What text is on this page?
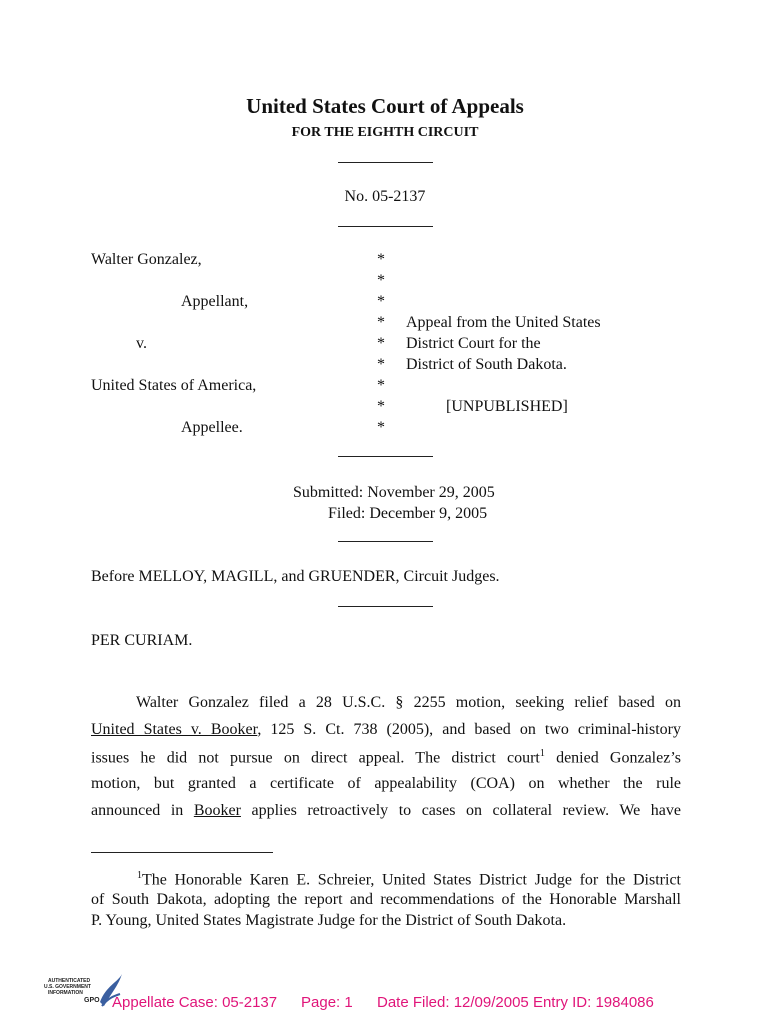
United States Court of Appeals
FOR THE EIGHTH CIRCUIT
No. 05-2137
Walter Gonzalez,
Appellant,
v.
United States of America,
Appellee.
*
*
*
*
*
*
*
*
*
Appeal from the United States
District Court for the
District of South Dakota.
[UNPUBLISHED]
Submitted: November 29, 2005
Filed: December 9, 2005
Before MELLOY, MAGILL, and GRUENDER, Circuit Judges.
PER CURIAM.
Walter Gonzalez filed a 28 U.S.C. § 2255 motion, seeking relief based on
United States v. Booker, 125 S. Ct. 738 (2005), and based on two criminal-history
issues he did not pursue on direct appeal. The district court$^1$ denied Gonzalez’s
motion, but granted a certificate of appealability (COA) on whether the rule
announced in Booker applies retroactively to cases on collateral review. We have
$^1$The Honorable Karen E. Schreier, United States District Judge for the District
of South Dakota, adopting the report and recommendations of the Honorable Marshall
P. Young, United States Magistrate Judge for the District of South Dakota.
AUTHENTICATED
U.S. GOVERNMENT
INFORMATION
GPO Appellate Case: 05-2137 Page: 1 Date Filed: 12/09/2005 Entry ID: 1984086
